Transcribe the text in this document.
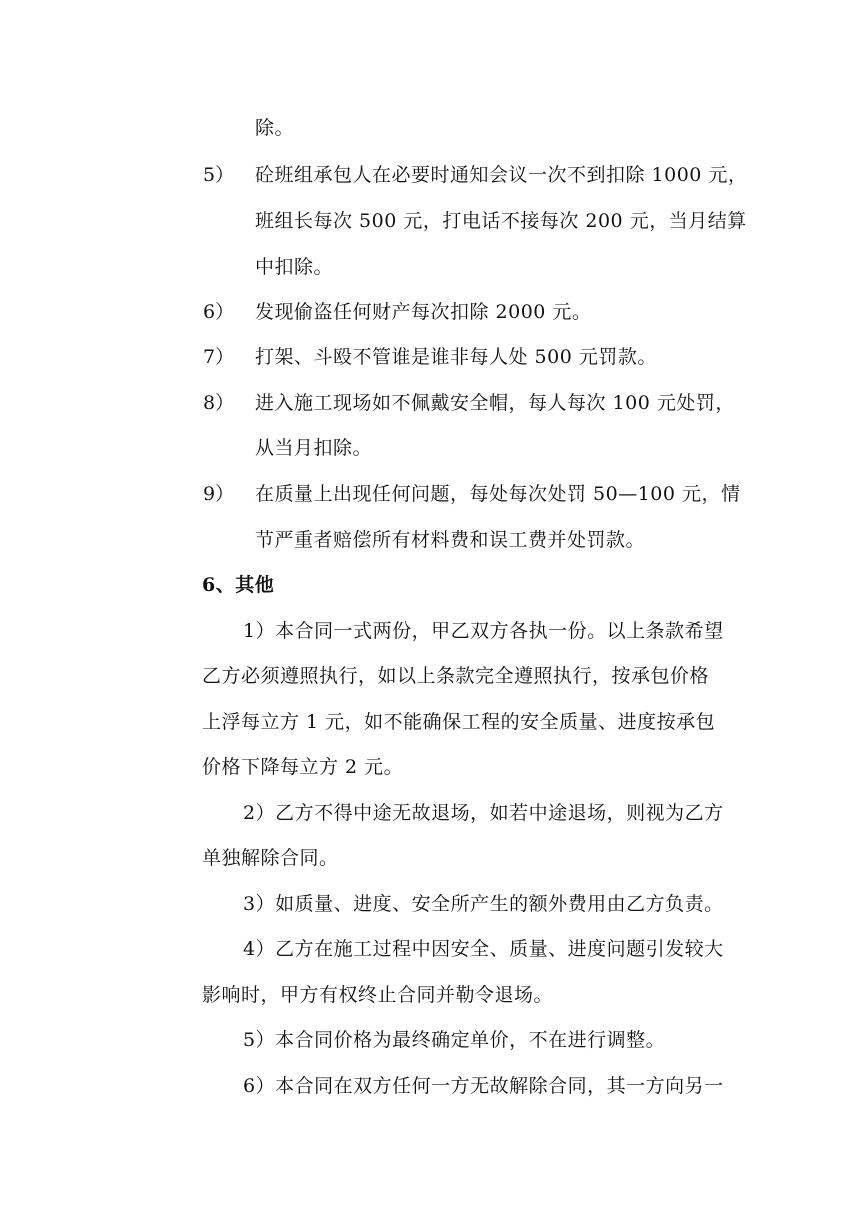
除。
5） 砼班组承包人在必要时通知会议一次不到扣除 1000 元，
班组长每次 500 元，打电话不接每次 200 元，当月结算
中扣除。
6） 发现偷盗任何财产每次扣除 2000 元。
7） 打架、斗殴不管谁是谁非每人处 500 元罚款。
8） 进入施工现场如不佩戴安全帽，每人每次 100 元处罚，
从当月扣除。
9） 在质量上出现任何问题，每处每次处罚 50—100 元，情
节严重者赔偿所有材料费和误工费并处罚款。
6、其他
1）本合同一式两份，甲乙双方各执一份。以上条款希望
乙方必须遵照执行，如以上条款完全遵照执行，按承包价格
上浮每立方 1 元，如不能确保工程的安全质量、进度按承包
价格下降每立方 2 元。
2）乙方不得中途无故退场，如若中途退场，则视为乙方
单独解除合同。
3）如质量、进度、安全所产生的额外费用由乙方负责。
4）乙方在施工过程中因安全、质量、进度问题引发较大
影响时，甲方有权终止合同并勒令退场。
5）本合同价格为最终确定单价，不在进行调整。
6）本合同在双方任何一方无故解除合同，其一方向另一
